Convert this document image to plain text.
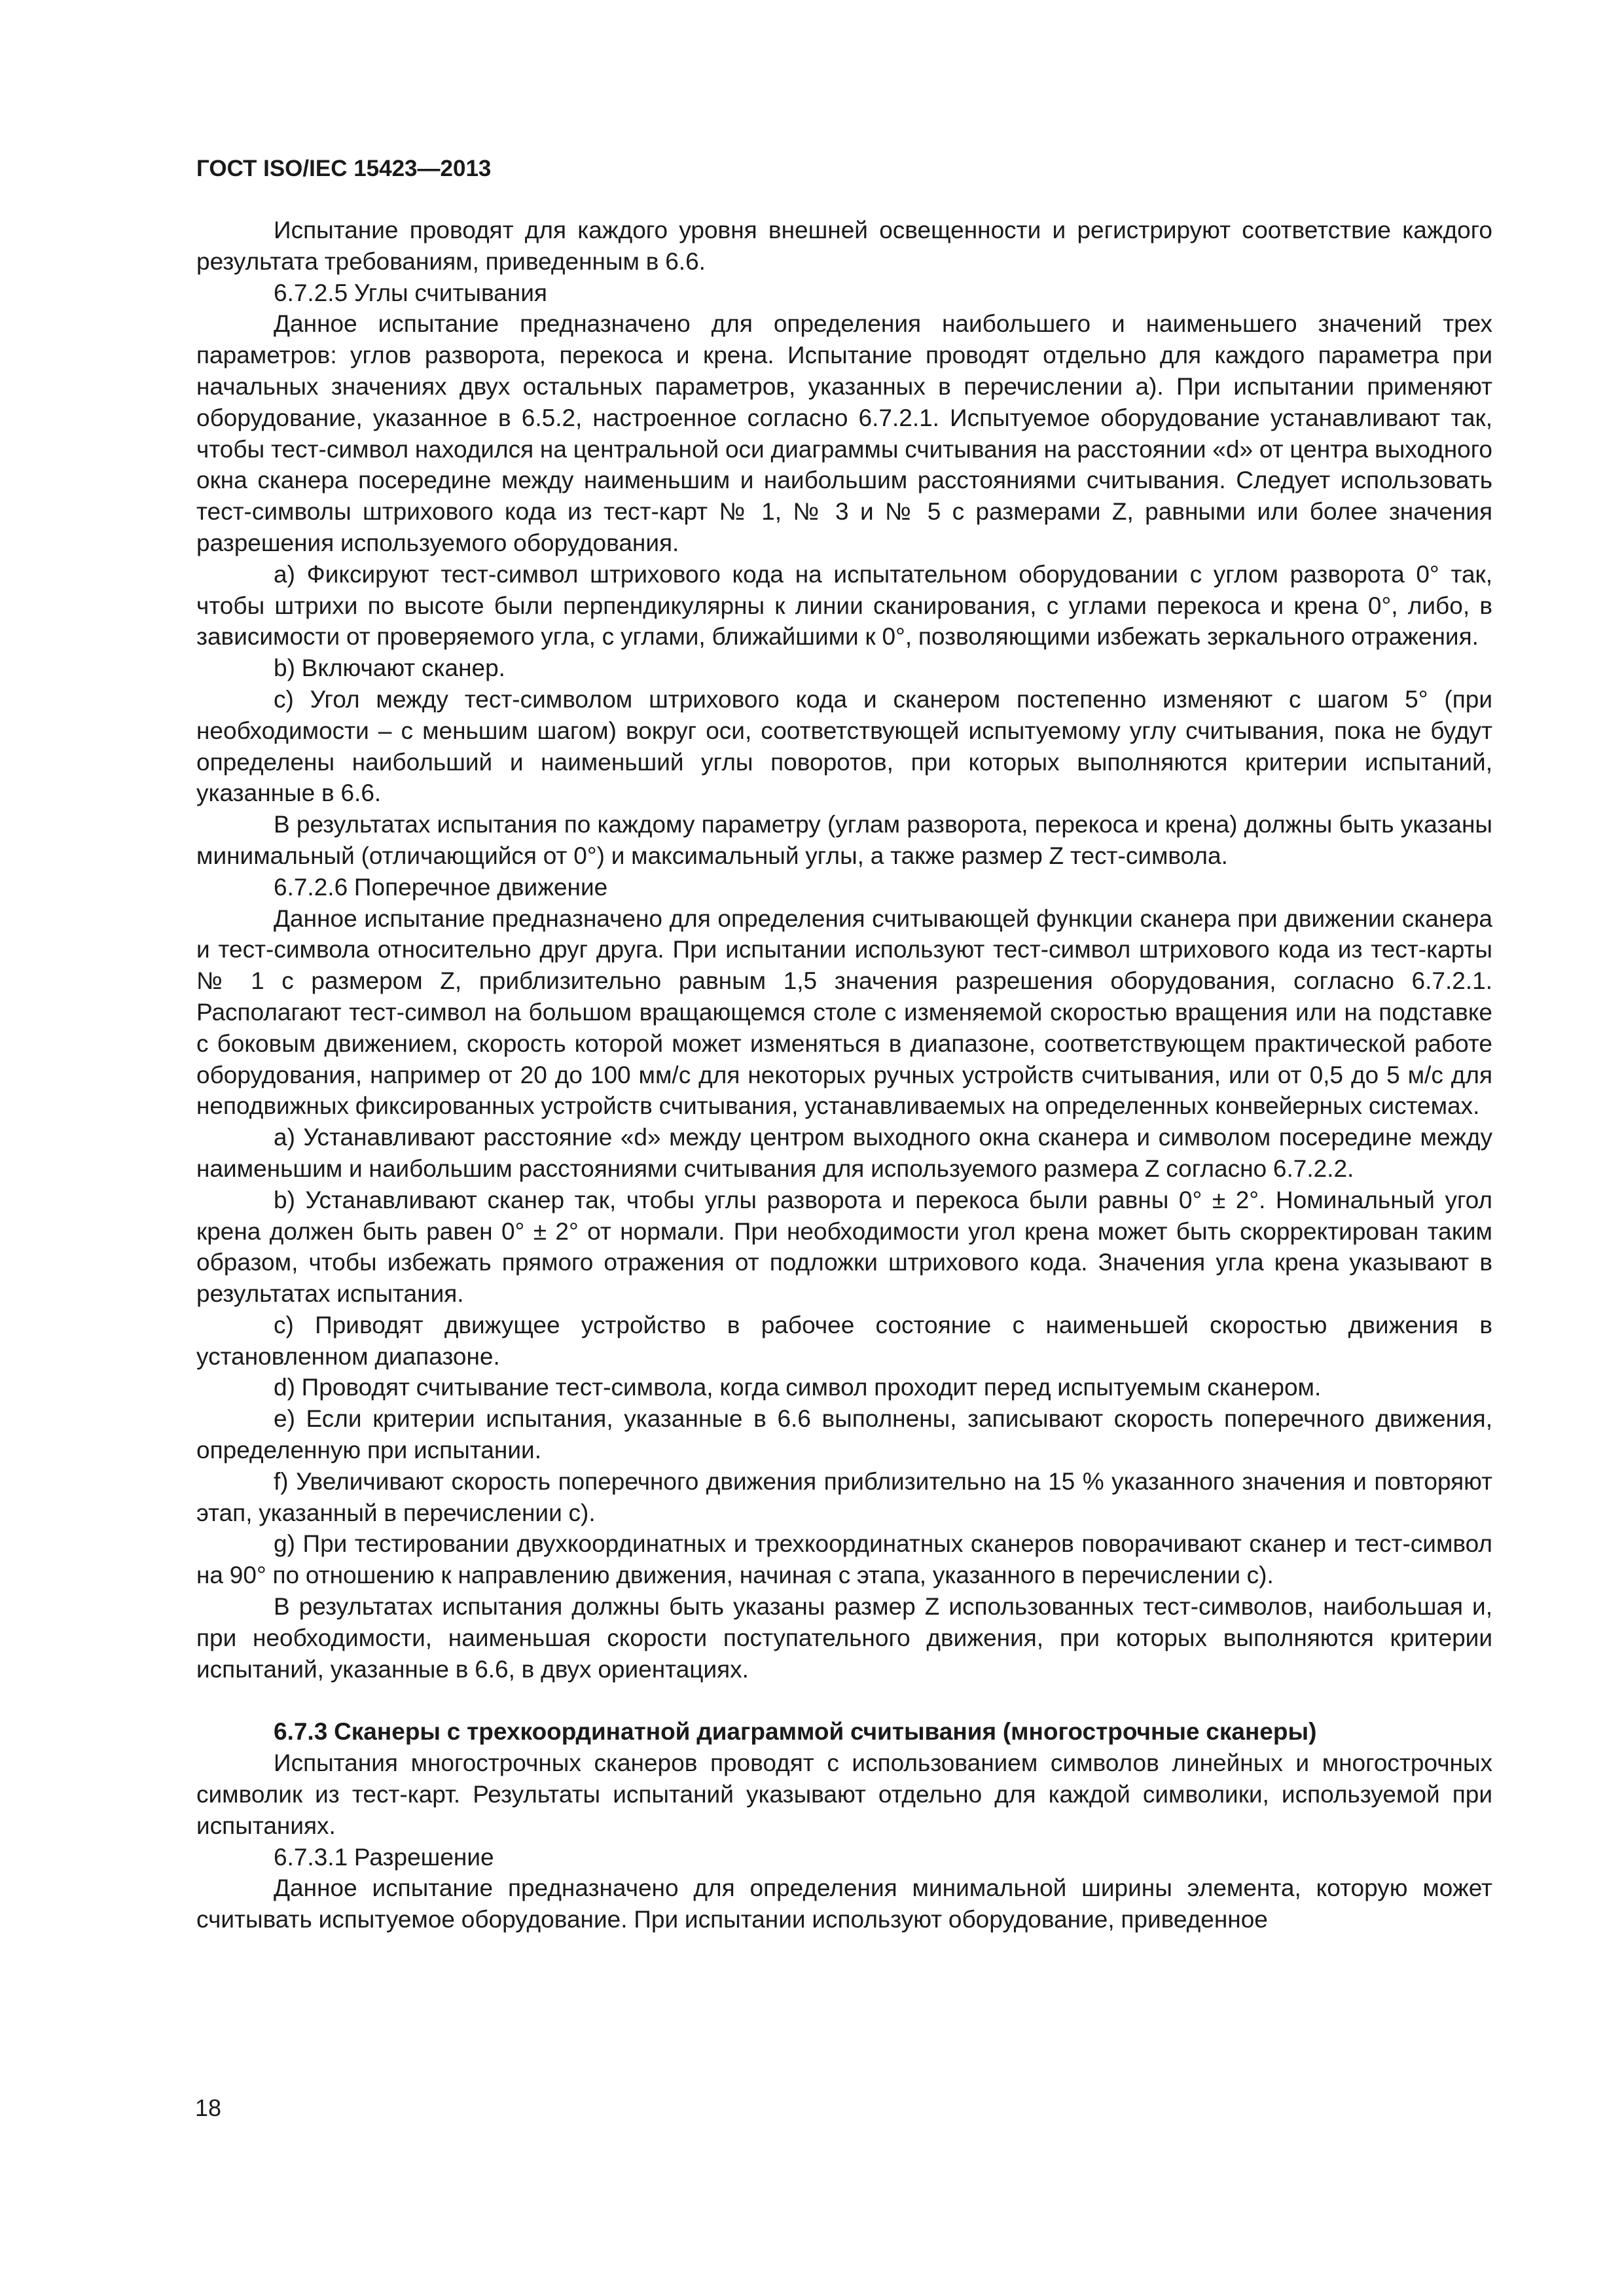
ГОСТ ISO/IEC 15423—2013

Испытание проводят для каждого уровня внешней освещенности и регистрируют соответствие каждого результата требованиям, приведенным в 6.6.

6.7.2.5 Углы считывания

Данное испытание предназначено для определения наибольшего и наименьшего значений трех параметров: углов разворота, перекоса и крена. Испытание проводят отдельно для каждого параметра при начальных значениях двух остальных параметров, указанных в перечислении а). При испытании применяют оборудование, указанное в 6.5.2, настроенное согласно 6.7.2.1. Испытуемое оборудование устанавливают так, чтобы тест-символ находился на центральной оси диаграммы считывания на расстоянии «d» от центра выходного окна сканера посередине между наименьшим и наибольшим расстояниями считывания. Следует использовать тест-символы штрихового кода из тест-карт № 1, № 3 и № 5 с размерами Z, равными или более значения разрешения используемого оборудования.

а) Фиксируют тест-символ штрихового кода на испытательном оборудовании с углом разворота 0° так, чтобы штрихи по высоте были перпендикулярны к линии сканирования, с углами перекоса и крена 0°, либо, в зависимости от проверяемого угла, с углами, ближайшими к 0°, позволяющими избежать зеркального отражения.

b) Включают сканер.

c) Угол между тест-символом штрихового кода и сканером постепенно изменяют с шагом 5° (при необходимости – с меньшим шагом) вокруг оси, соответствующей испытуемому углу считывания, пока не будут определены наибольший и наименьший углы поворотов, при которых выполняются критерии испытаний, указанные в 6.6.

В результатах испытания по каждому параметру (углам разворота, перекоса и крена) должны быть указаны минимальный (отличающийся от 0°) и максимальный углы, а также размер Z тест-символа.

6.7.2.6 Поперечное движение

Данное испытание предназначено для определения считывающей функции сканера при движении сканера и тест-символа относительно друг друга. При испытании используют тест-символ штрихового кода из тест-карты № 1 с размером Z, приблизительно равным 1,5 значения разрешения оборудования, согласно 6.7.2.1. Располагают тест-символ на большом вращающемся столе с изменяемой скоростью вращения или на подставке с боковым движением, скорость которой может изменяться в диапазоне, соответствующем практической работе оборудования, например от 20 до 100 мм/с для некоторых ручных устройств считывания, или от 0,5 до 5 м/с для неподвижных фиксированных устройств считывания, устанавливаемых на определенных конвейерных системах.

а) Устанавливают расстояние «d» между центром выходного окна сканера и символом посередине между наименьшим и наибольшим расстояниями считывания для используемого размера Z согласно 6.7.2.2.

b) Устанавливают сканер так, чтобы углы разворота и перекоса были равны 0° ± 2°. Номинальный угол крена должен быть равен 0° ± 2° от нормали. При необходимости угол крена может быть скорректирован таким образом, чтобы избежать прямого отражения от подложки штрихового кода. Значения угла крена указывают в результатах испытания.

c) Приводят движущее устройство в рабочее состояние с наименьшей скоростью движения в установленном диапазоне.

d) Проводят считывание тест-символа, когда символ проходит перед испытуемым сканером.

e) Если критерии испытания, указанные в 6.6 выполнены, записывают скорость поперечного движения, определенную при испытании.

f) Увеличивают скорость поперечного движения приблизительно на 15 % указанного значения и повторяют этап, указанный в перечислении с).

g) При тестировании двухкоординатных и трехкоординатных сканеров поворачивают сканер и тест-символ на 90° по отношению к направлению движения, начиная с этапа, указанного в перечислении с).

В результатах испытания должны быть указаны размер Z использованных тест-символов, наибольшая и, при необходимости, наименьшая скорости поступательного движения, при которых выполняются критерии испытаний, указанные в 6.6, в двух ориентациях.

6.7.3 Сканеры с трехкоординатной диаграммой считывания (многострочные сканеры)

Испытания многострочных сканеров проводят с использованием символов линейных и многострочных символик из тест-карт. Результаты испытаний указывают отдельно для каждой символики, используемой при испытаниях.

6.7.3.1 Разрешение

Данное испытание предназначено для определения минимальной ширины элемента, которую может считывать испытуемое оборудование. При испытании используют оборудование, приведенное

18
